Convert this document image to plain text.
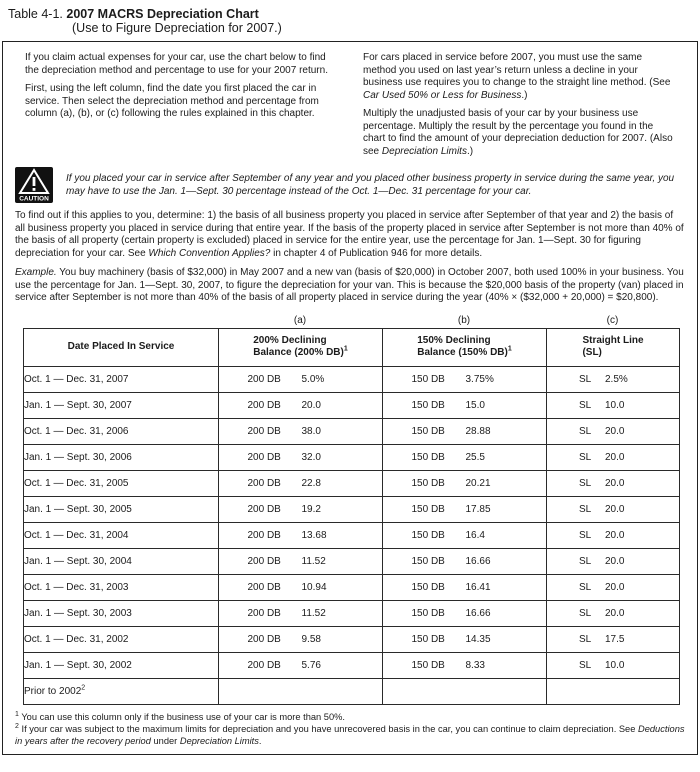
Table 4-1. 2007 MACRS Depreciation Chart
(Use to Figure Depreciation for 2007.)

If you claim actual expenses for your car, use the chart below to find the depreciation method and percentage to use for your 2007 return.

First, using the left column, find the date you first placed the car in service. Then select the depreciation method and percentage from column (a), (b), or (c) following the rules explained in this chapter.

For cars placed in service before 2007, you must use the same method you used on last year’s return unless a decline in your business use requires you to change to the straight line method. (See Car Used 50% or Less for Business.)

Multiply the unadjusted basis of your car by your business use percentage. Multiply the result by the percentage you found in the chart to find the amount of your depreciation deduction for 2007. (Also see Depreciation Limits.)

CAUTION

If you placed your car in service after September of any year and you placed other business property in service during the same year, you may have to use the Jan. 1—Sept. 30 percentage instead of the Oct. 1—Dec. 31 percentage for your car.

To find out if this applies to you, determine: 1) the basis of all business property you placed in service after September of that year and 2) the basis of all business property you placed in service during that entire year. If the basis of the property placed in service after September is not more than 40% of the basis of all property (certain property is excluded) placed in service for the entire year, use the percentage for Jan. 1—Sept. 30 for figuring depreciation for your car. See Which Convention Applies? in chapter 4 of Publication 946 for more details.

Example. You buy machinery (basis of $32,000) in May 2007 and a new van (basis of $20,000) in October 2007, both used 100% in your business. You use the percentage for Jan. 1—Sept. 30, 2007, to figure the depreciation for your van. This is because the $20,000 basis of the property (van) placed in service after September is not more than 40% of the basis of all property placed in service during the year (40% × ($32,000 + 20,000) = $20,800).

(a)	(b)	(c)
Date Placed In Service	200% Declining
Balance (200% DB)$^1$	150% Declining
Balance (150% DB)$^1$	Straight Line
(SL)
Oct. 1 — Dec. 31, 2007	200 DB 5.0%	150 DB 3.75%	SL 2.5%

Jan. 1 — Sept. 30, 2007	200 DB 20.0	150 DB 15.0	SL 10.0

Oct. 1 — Dec. 31, 2006	200 DB 38.0	150 DB 28.88	SL 20.0

Jan. 1 — Sept. 30, 2006	200 DB 32.0	150 DB 25.5	SL 20.0

Oct. 1 — Dec. 31, 2005	200 DB 22.8	150 DB 20.21	SL 20.0

Jan. 1 — Sept. 30, 2005	200 DB 19.2	150 DB 17.85	SL 20.0

Oct. 1 — Dec. 31, 2004	200 DB 13.68	150 DB 16.4	SL 20.0

Jan. 1 — Sept. 30, 2004	200 DB 11.52	150 DB 16.66	SL 20.0

Oct. 1 — Dec. 31, 2003	200 DB 10.94	150 DB 16.41	SL 20.0

Jan. 1 — Sept. 30, 2003	200 DB 11.52	150 DB 16.66	SL 20.0

Oct. 1 — Dec. 31, 2002	200 DB 9.58	150 DB 14.35	SL 17.5

Jan. 1 — Sept. 30, 2002	200 DB 5.76	150 DB 8.33	SL 10.0

Prior to 2002$^2$	

$^1$ You can use this column only if the business use of your car is more than 50%.

$^2$ If your car was subject to the maximum limits for depreciation and you have unrecovered basis in the car, you can continue to claim depreciation. See Deductions in years after the recovery period under Depreciation Limits.
